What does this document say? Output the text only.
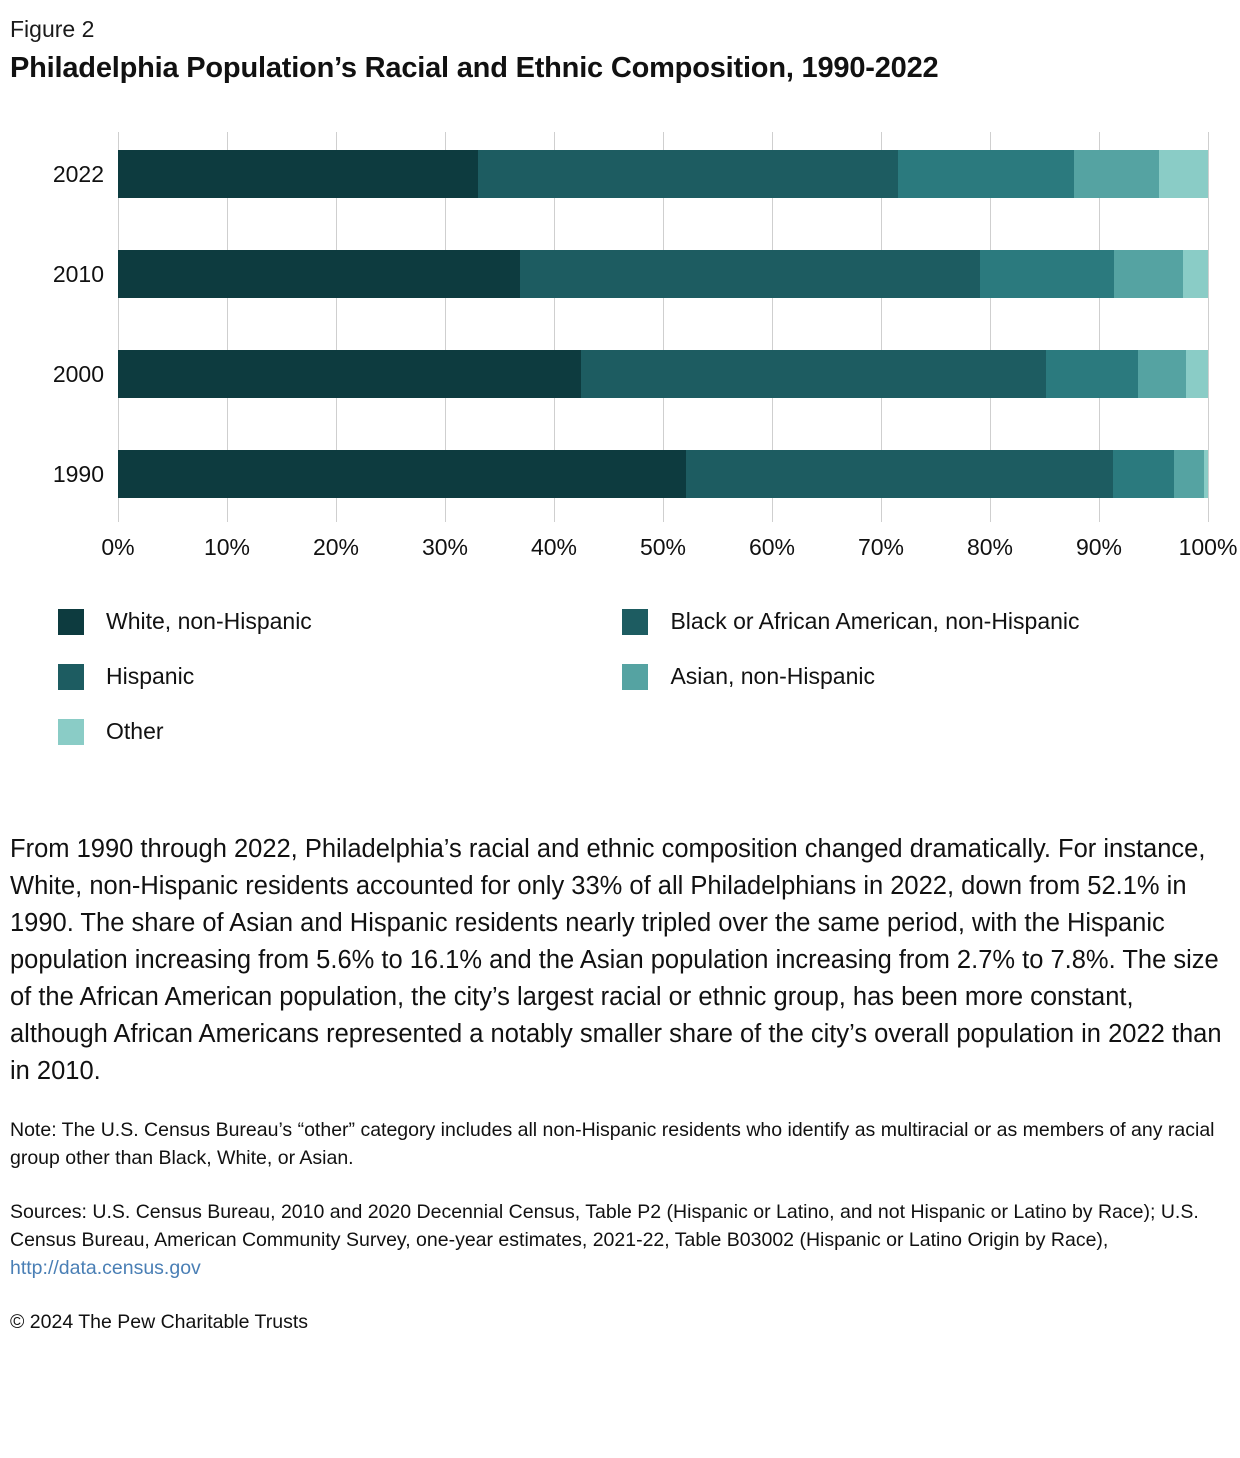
Figure 2
Philadelphia Population’s Racial and Ethnic Composition, 1990-2022
2022
2010
2000
1990
0%	10%	20%	30%	40%	50%	60%	70%	80%	90% 100%
White, non-Hispanic
Hispanic
Other

Black or African American, non-Hispanic
Asian, non-Hispanic
From 1990 through 2022, Philadelphia’s racial and ethnic composition changed dramatically. For instance, White, non-Hispanic residents accounted for only 33% of all Philadelphians in 2022, down from 52.1% in 1990. The share of Asian and Hispanic residents nearly tripled over the same period, with the Hispanic population increasing from 5.6% to 16.1% and the Asian population increasing from 2.7% to 7.8%. The size of the African American population, the city’s largest racial or ethnic group, has been more constant, although African Americans represented a notably smaller share of the city’s overall population in 2022 than in 2010.
Note: The U.S. Census Bureau’s “other” category includes all non-Hispanic residents who identify as multiracial or as members of any racial group other than Black, White, or Asian.
Sources: U.S. Census Bureau, 2010 and 2020 Decennial Census, Table P2 (Hispanic or Latino, and not Hispanic or Latino by Race); U.S. Census Bureau, American Community Survey, one-year estimates, 2021-22, Table B03002 (Hispanic or Latino Origin by Race), http://data.census.gov
© 2024 The Pew Charitable Trusts
